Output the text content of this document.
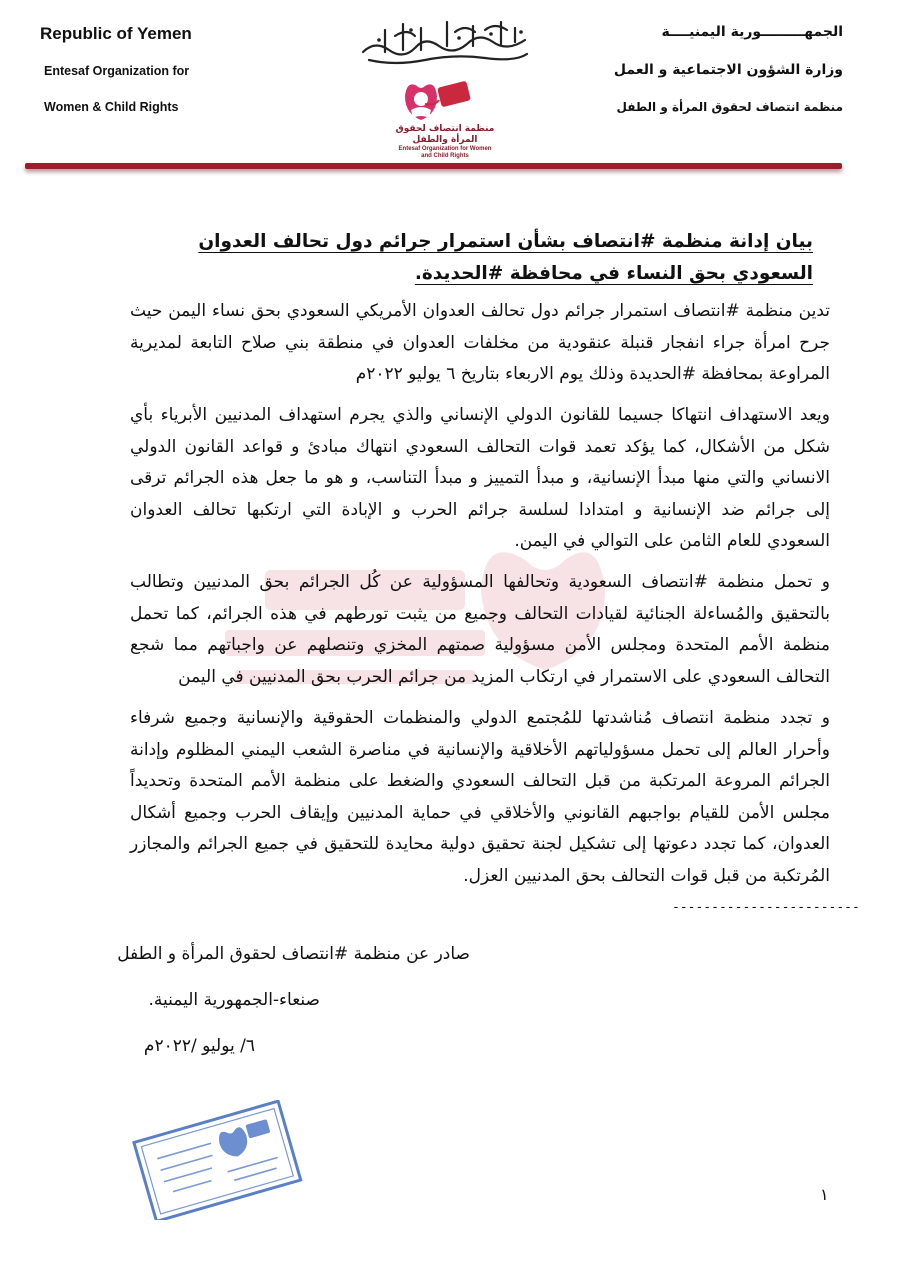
Republic of Yemen
Entesaf Organization for
Women & Child Rights
الجمهـــــــــورية اليمنيــــة
وزارة الشؤون الاجتماعية و العمل
منظمة انتصاف لحقوق المرأة و الطفل
منظمة انتصاف لحقوق المرأة والطفل
Entesaf Organization for Women and Child Rights
بيان إدانة منظمة #انتصاف بشأن استمرار جرائم دول تحالف العدوان السعودي بحق النساء في محافظة #الحديدة.
تدين منظمة #انتصاف استمرار جرائم دول تحالف العدوان الأمريكي السعودي بحق نساء اليمن حيث جرح امرأة جراء انفجار قنبلة عنقودية من مخلفات العدوان في منطقة بني صلاح التابعة لمديرية المراوعة بمحافظة #الحديدة وذلك يوم الاربعاء بتاريخ ٦ يوليو ٢٠٢٢م
ويعد الاستهداف انتهاكا جسيما للقانون الدولي الإنساني والذي يجرم استهداف المدنيين الأبرياء بأي شكل من الأشكال، كما يؤكد تعمد قوات التحالف السعودي انتهاك مبادئ و قواعد القانون الدولي الانساني والتي منها مبدأ الإنسانية، و مبدأ التمييز و مبدأ التناسب، و هو ما جعل هذه الجرائم ترقى إلى جرائم ضد الإنسانية و امتدادا لسلسة جرائم الحرب و الإبادة التي ارتكبها تحالف العدوان السعودي للعام الثامن على التوالي في اليمن.
و تحمل منظمة #انتصاف السعودية وتحالفها المسؤولية عن كُل الجرائم بحق المدنيين وتطالب بالتحقيق والمُساءلة الجنائية لقيادات التحالف وجميع من يثبت تورطهم في هذه الجرائم، كما تحمل منظمة الأمم المتحدة ومجلس الأمن مسؤولية صمتهم المخزي وتنصلهم عن واجباتهم مما شجع التحالف السعودي على الاستمرار في ارتكاب المزيد من جرائم الحرب بحق المدنيين في اليمن
و تجدد منظمة انتصاف مُناشدتها للمُجتمع الدولي والمنظمات الحقوقية والإنسانية وجميع شرفاء وأحرار العالم إلى تحمل مسؤولياتهم الأخلاقية والإنسانية في مناصرة الشعب اليمني المظلوم وإدانة الجرائم المروعة المرتكبة من قبل التحالف السعودي والضغط على منظمة الأمم المتحدة وتحديداً مجلس الأمن للقيام بواجبهم القانوني والأخلاقي في حماية المدنيين وإيقاف الحرب وجميع أشكال العدوان، كما تجدد دعوتها إلى تشكيل لجنة تحقيق دولية محايدة للتحقيق في جميع الجرائم والمجازر المُرتكبة من قبل قوات التحالف بحق المدنيين العزل.
------------------------
صادر عن منظمة #انتصاف لحقوق المرأة و الطفل
صنعاء-الجمهورية اليمنية.
٦/ يوليو /٢٠٢٢م
١
